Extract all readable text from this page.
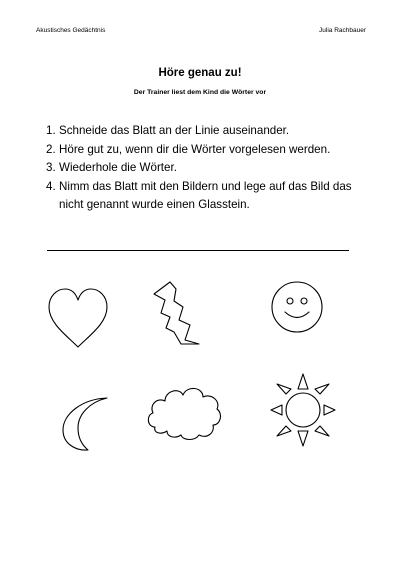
Akustisches Gedächtnis	Julia Rachbauer
Höre genau zu!
Der Trainer liest dem Kind die Wörter vor
1. Schneide das Blatt an der Linie auseinander.
2. Höre gut zu, wenn dir die Wörter vorgelesen werden.
3. Wiederhole die Wörter.
4. Nimm das Blatt mit den Bildern und lege auf das Bild das nicht genannt wurde einen Glasstein.
